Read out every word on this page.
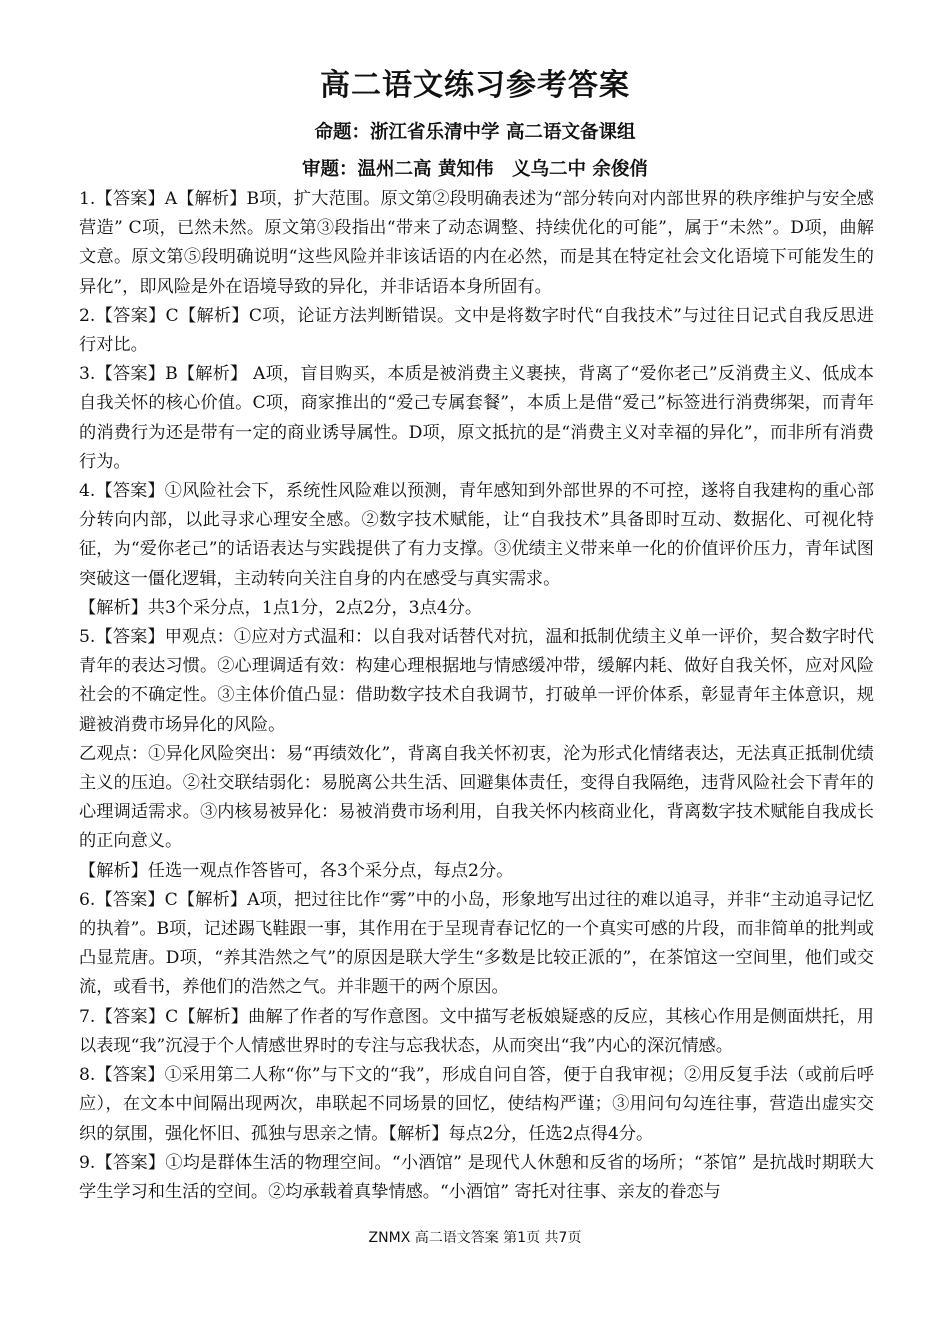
高二语文练习参考答案
命题：浙江省乐清中学 高二语文备课组
审题：温州二高 黄知伟　义乌二中 余俊俏

1.【答案】A【解析】B项，扩大范围。原文第②段明确表述为“部分转向对内部世界的秩序维护与安全感营造” C项，已然未然。原文第③段指出“带来了动态调整、持续优化的可能”，属于“未然”。D项，曲解文意。原文第⑤段明确说明“这些风险并非该话语的内在必然，而是其在特定社会文化语境下可能发生的异化”，即风险是外在语境导致的异化，并非话语本身所固有。

2.【答案】C【解析】C项，论证方法判断错误。文中是将数字时代“自我技术”与过往日记式自我反思进行对比。

3.【答案】B【解析】 A项，盲目购买，本质是被消费主义裹挟，背离了“爱你老己”反消费主义、低成本自我关怀的核心价值。C项，商家推出的“爱己专属套餐”，本质上是借“爱己”标签进行消费绑架，而青年的消费行为还是带有一定的商业诱导属性。D项，原文抵抗的是“消费主义对幸福的异化”，而非所有消费行为。

4.【答案】①风险社会下，系统性风险难以预测，青年感知到外部世界的不可控，遂将自我建构的重心部分转向内部，以此寻求心理安全感。②数字技术赋能，让“自我技术”具备即时互动、数据化、可视化特征，为“爱你老己”的话语表达与实践提供了有力支撑。③优绩主义带来单一化的价值评价压力，青年试图突破这一僵化逻辑，主动转向关注自身的内在感受与真实需求。

【解析】共3个采分点，1点1分，2点2分，3点4分。

5.【答案】甲观点：①应对方式温和：以自我对话替代对抗，温和抵制优绩主义单一评价，契合数字时代青年的表达习惯。②心理调适有效：构建心理根据地与情感缓冲带，缓解内耗、做好自我关怀，应对风险社会的不确定性。③主体价值凸显：借助数字技术自我调节，打破单一评价体系，彰显青年主体意识，规避被消费市场异化的风险。

乙观点：①异化风险突出：易“再绩效化”，背离自我关怀初衷，沦为形式化情绪表达，无法真正抵制优绩主义的压迫。②社交联结弱化：易脱离公共生活、回避集体责任，变得自我隔绝，违背风险社会下青年的心理调适需求。③内核易被异化：易被消费市场利用，自我关怀内核商业化，背离数字技术赋能自我成长的正向意义。

【解析】任选一观点作答皆可，各3个采分点，每点2分。

6.【答案】C【解析】A项，把过往比作“雾”中的小岛，形象地写出过往的难以追寻，并非“主动追寻记忆的执着”。B项，记述踢飞鞋跟一事，其作用在于呈现青春记忆的一个真实可感的片段，而非简单的批判或凸显荒唐。D项，“养其浩然之气”的原因是联大学生“多数是比较正派的”，在茶馆这一空间里，他们或交流，或看书，养他们的浩然之气。并非题干的两个原因。

7.【答案】C【解析】曲解了作者的写作意图。文中描写老板娘疑惑的反应，其核心作用是侧面烘托，用以表现“我”沉浸于个人情感世界时的专注与忘我状态，从而突出“我”内心的深沉情感。

8.【答案】①采用第二人称“你”与下文的“我”，形成自问自答，便于自我审视；②用反复手法（或前后呼应），在文本中间隔出现两次，串联起不同场景的回忆，使结构严谨；③用问句勾连往事，营造出虚实交织的氛围，强化怀旧、孤独与思亲之情。【解析】每点2分，任选2点得4分。

9.【答案】①均是群体生活的物理空间。“小酒馆” 是现代人休憩和反省的场所；“茶馆” 是抗战时期联大学生学习和生活的空间。②均承载着真挚情感。“小酒馆” 寄托对往事、亲友的眷恋与

ZNMX 高二语文答案 第1页 共7页
